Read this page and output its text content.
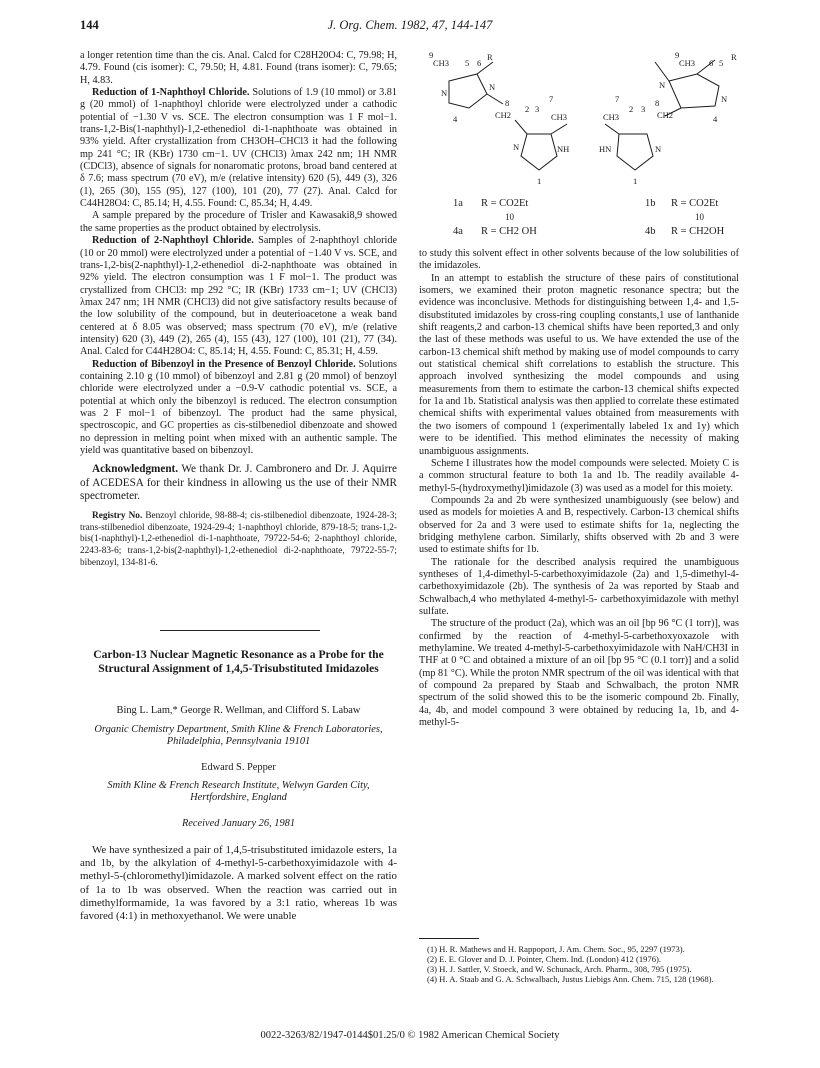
144	J. Org. Chem. 1982, 47, 144-147

a longer retention time than the cis. Anal. Calcd for C28H20O4: C, 79.98; H, 4.79. Found (cis isomer): C, 79.50; H, 4.81. Found (trans isomer): C, 79.65; H, 4.83.

Reduction of 1-Naphthoyl Chloride. Solutions of 1.9 (10 mmol) or 3.81 g (20 mmol) of 1-naphthoyl chloride were electrolyzed under a cathodic potential of −1.30 V vs. SCE. The electron consumption was 1 F mol−1. trans-1,2-Bis(1-naphthyl)-1,2-ethenediol di-1-naphthoate was obtained in 93% yield. After crystallization from CH3OH–CHCl3 it had the following mp 241 °C; IR (KBr) 1730 cm−1. UV (CHCl3) λmax 242 nm; 1H NMR (CDCl3), absence of signals for nonaromatic protons, broad band centered at δ 7.6; mass spectrum (70 eV), m/e (relative intensity) 620 (5), 449 (3), 326 (1), 265 (30), 155 (95), 127 (100), 101 (20), 77 (27). Anal. Calcd for C44H28O4: C, 85.14; H, 4.55. Found: C, 85.34; H, 4.49.

A sample prepared by the procedure of Trisler and Kawasaki8,9 showed the same properties as the product obtained by electrolysis.

Reduction of 2-Naphthoyl Chloride. Samples of 2-naphthoyl chloride (10 or 20 mmol) were electrolyzed under a potential of −1.40 V vs. SCE, and trans-1,2-bis(2-naphthyl)-1,2-ethenediol di-2-naphthoate was obtained in 92% yield. The electron consumption was 1 F mol−1. The product was crystallized from CHCl3: mp 292 °C; IR (KBr) 1733 cm−1; UV (CHCl3) λmax 247 nm; 1H NMR (CHCl3) did not give satisfactory results because of the low solubility of the compound, but in deuterioacetone a weak band centered at δ 8.05 was observed; mass spectrum (70 eV), m/e (relative intensity) 620 (3), 449 (2), 265 (4), 155 (43), 127 (100), 101 (21), 77 (34). Anal. Calcd for C44H28O4: C, 85.14; H, 4.55. Found: C, 85.31; H, 4.59.

Reduction of Bibenzoyl in the Presence of Benzoyl Chloride. Solutions containing 2.10 g (10 mmol) of bibenzoyl and 2.81 g (20 mmol) of benzoyl chloride were electrolyzed under a −0.9-V cathodic potential vs. SCE, a potential at which only the bibenzoyl is reduced. The electron consumption was 2 F mol−1 of bibenzoyl. The product had the same physical, spectroscopic, and GC properties as cis-stilbenediol dibenzoate and showed no depression in melting point when mixed with an authentic sample. The yield was quantitative based on bibenzoyl.

Acknowledgment. We thank Dr. J. Cambronero and Dr. J. Aquirre of ACEDESA for their kindness in allowing us the use of their NMR spectrometer.

Registry No. Benzoyl chloride, 98-88-4; cis-stilbenediol dibenzoate, 1924-28-3; trans-stilbenediol dibenzoate, 1924-29-4; 1-naphthoyl chloride, 879-18-5; trans-1,2-bis(1-naphthyl)-1,2-ethenediol di-1-naphthoate, 79722-54-6; 2-naphthoyl chloride, 2243-83-6; trans-1,2-bis(2-naphthyl)-1,2-ethenediol di-2-naphthoate, 79722-55-7; bibenzoyl, 134-81-6.

Carbon-13 Nuclear Magnetic Resonance as a Probe for the Structural Assignment of 1,4,5-Trisubstituted Imidazoles
Bing L. Lam,* George R. Wellman, and Clifford S. Labaw
Organic Chemistry Department, Smith Kline & French Laboratories, Philadelphia, Pennsylvania 19101
Edward S. Pepper
Smith Kline & French Research Institute, Welwyn Garden City, Hertfordshire, England
Received January 26, 1981

We have synthesized a pair of 1,4,5-trisubstituted imidazole esters, 1a and 1b, by the alkylation of 4-methyl-5-carbethoxyimidazole with 4-methyl-5-(chloromethyl)imidazole. A marked solvent effect on the ratio of 1a to 1b was observed. When the reaction was carried out in dimethylformamide, 1a was favored by a 3:1 ratio, whereas 1b was favored (4:1) in methoxyethanol. We were unable

9
CH3 5 6
R
N
N
4
8
CH2
2 3
7
CH3
N	NH
1
9
CH3 6 5
R
N
N
4
7
CH3
2 3
8
CH2
HN	N
1
1a R = CO2Et
10
4a R = CH2 OH
1b R = CO2Et
10
4b R = CH2OH

to study this solvent effect in other solvents because of the low solubilities of the imidazoles.

In an attempt to establish the structure of these pairs of constitutional isomers, we examined their proton magnetic resonance spectra; but the evidence was inconclusive. Methods for distinguishing between 1,4- and 1,5-disubstituted imidazoles by cross-ring coupling constants,1 use of lanthanide shift reagents,2 and carbon-13 chemical shifts have been reported,3 and only the last of these methods was useful to us. We have extended the use of the carbon-13 chemical shift method by making use of model compounds to carry out statistical chemical shift correlations to establish the structure. This approach involved synthesizing the model compounds and using measurements from them to estimate the carbon-13 chemical shifts expected for 1a and 1b. Statistical analysis was then applied to correlate these estimated chemical shifts with experimental values obtained from measurements with the two isomers of compound 1 (experimentally labeled 1x and 1y) which were to be identified. This method eliminates the necessity of making unambiguous assignments.

Scheme I illustrates how the model compounds were selected. Moiety C is a common structural feature to both 1a and 1b. The readily available 4-methyl-5-(hydroxymethyl)imidazole (3) was used as a model for this moiety.

Compounds 2a and 2b were synthesized unambiguously (see below) and used as models for moieties A and B, respectively. Carbon-13 chemical shifts observed for 2a and 3 were used to estimate shifts for 1a, neglecting the bridging methylene carbon. Similarly, shifts observed with 2b and 3 were used to estimate shifts for 1b.

The rationale for the described analysis required the unambiguous syntheses of 1,4-dimethyl-5-carbethoxyimidazole (2a) and 1,5-dimethyl-4-carbethoxyimidazole (2b). The synthesis of 2a was reported by Staab and Schwalbach,4 who methylated 4-methyl-5- carbethoxyimidazole with methyl sulfate.

The structure of the product (2a), which was an oil [bp 96 °C (1 torr)], was confirmed by the reaction of 4-methyl-5-carbethoxyoxazole with methylamine. We treated 4-methyl-5-carbethoxyimidazole with NaH/CH3I in THF at 0 °C and obtained a mixture of an oil [bp 95 °C (0.1 torr)] and a solid (mp 81 °C). While the proton NMR spectrum of the oil was identical with that of compound 2a prepared by Staab and Schwalbach, the proton NMR spectrum of the solid showed this to be the isomeric compound 2b. Finally, 4a, 4b, and model compound 3 were obtained by reducing 1a, 1b, and 4-methyl-5-

(1) H. R. Mathews and H. Rappoport, J. Am. Chem. Soc., 95, 2297 (1973).

(2) E. E. Glover and D. J. Pointer, Chem. Ind. (London) 412 (1976).

(3) H. J. Sattler, V. Stoeck, and W. Schunack, Arch. Pharm., 308, 795 (1975).

(4) H. A. Staab and G. A. Schwalbach, Justus Liebigs Ann. Chem. 715, 128 (1968).

0022-3263/82/1947-0144$01.25/0 © 1982 American Chemical Society
